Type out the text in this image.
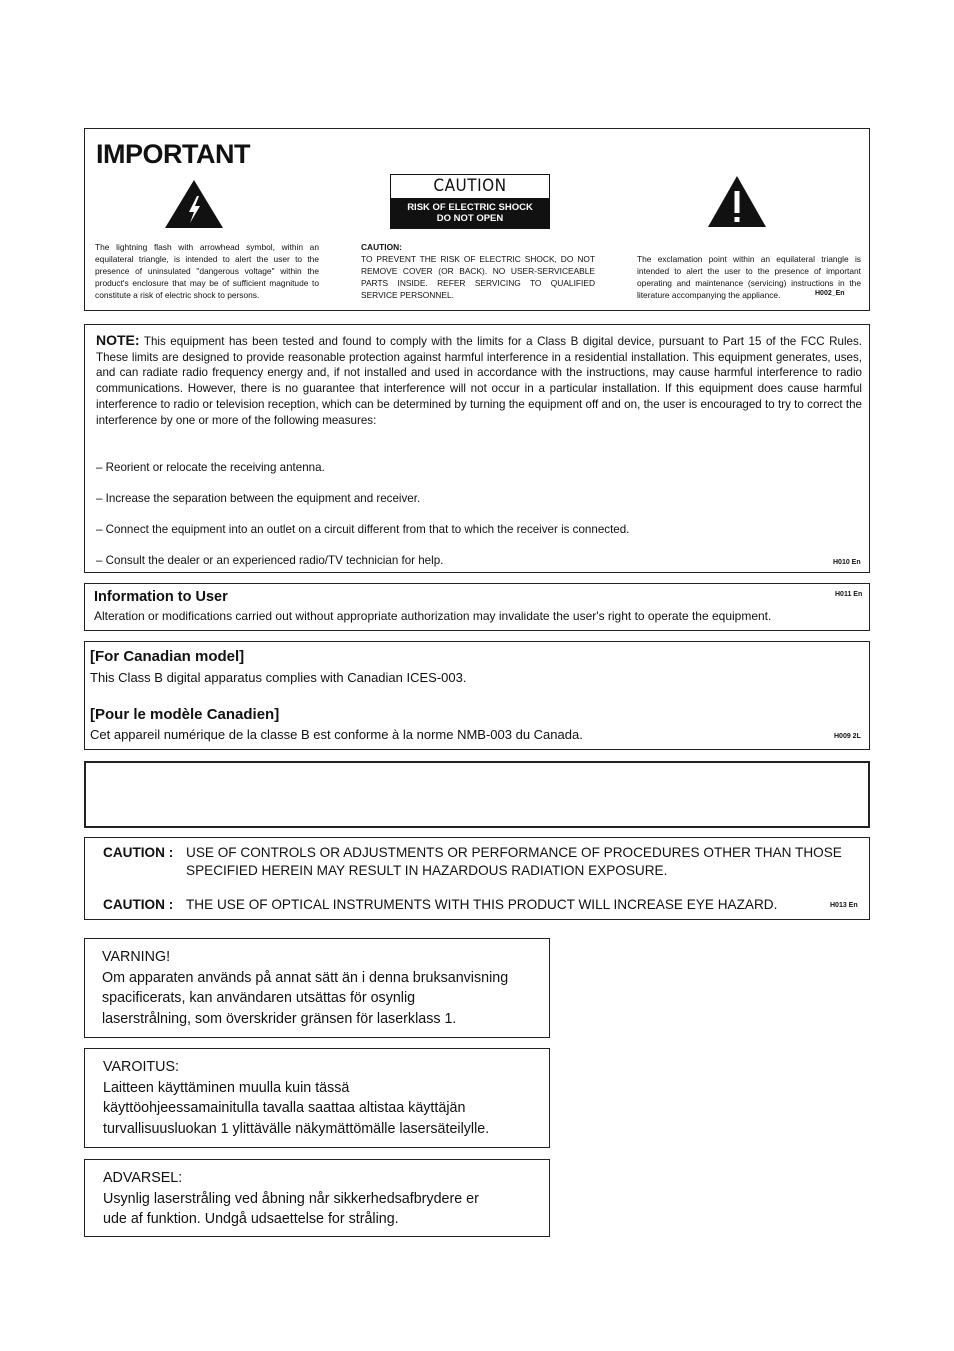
IMPORTANT
The lightning flash with arrowhead symbol, within an equilateral triangle, is intended to alert the user to the presence of uninsulated "dangerous voltage" within the product's enclosure that may be of sufficient magnitude to constitute a risk of electric shock to persons.
CAUTION
RISK OF ELECTRIC SHOCK
DO NOT OPEN
CAUTION:
TO PREVENT THE RISK OF ELECTRIC SHOCK, DO NOT REMOVE COVER (OR BACK). NO USER-SERVICEABLE PARTS INSIDE. REFER SERVICING TO QUALIFIED SERVICE PERSONNEL.
The exclamation point within an equilateral triangle is intended to alert the user to the presence of important operating and maintenance (servicing) instructions in the literature accompanying the appliance.	H002_En
NOTE: This equipment has been tested and found to comply with the limits for a Class B digital device, pursuant to Part 15 of the FCC Rules. These limits are designed to provide reasonable protection against harmful interference in a residential installation. This equipment generates, uses, and can radiate radio frequency energy and, if not installed and used in accordance with the instructions, may cause harmful interference to radio communications. However, there is no guarantee that interference will not occur in a particular installation. If this equipment does cause harmful interference to radio or television reception, which can be determined by turning the equipment off and on, the user is encouraged to try to correct the interference by one or more of the following measures:
– Reorient or relocate the receiving antenna.
– Increase the separation between the equipment and receiver.
– Connect the equipment into an outlet on a circuit different from that to which the receiver is connected.
– Consult the dealer or an experienced radio/TV technician for help.	H010 En
Information to User
Alteration or modifications carried out without appropriate authorization may invalidate the user's right to operate the equipment.
H011 En
[For Canadian model]
This Class B digital apparatus complies with Canadian ICES-003.
[Pour le modèle Canadien]
Cet appareil numérique de la classe B est conforme à la norme NMB-003 du Canada.	H009 2L
CAUTION : USE OF CONTROLS OR ADJUSTMENTS OR PERFORMANCE OF PROCEDURES OTHER THAN THOSE
SPECIFIED HEREIN MAY RESULT IN HAZARDOUS RADIATION EXPOSURE.
CAUTION : THE USE OF OPTICAL INSTRUMENTS WITH THIS PRODUCT WILL INCREASE EYE HAZARD.	H013 En
VARNING!
Om apparaten används på annat sätt än i denna bruksanvisning
spacificerats, kan användaren utsättas för osynlig
laserstrålning, som överskrider gränsen för laserklass 1.
VAROITUS:
Laitteen käyttäminen muulla kuin tässä
käyttöohjeessamainitulla tavalla saattaa altistaa käyttäjän
turvallisuusluokan 1 ylittävälle näkymättömälle lasersäteilylle.
ADVARSEL:
Usynlig laserstråling ved åbning når sikkerhedsafbrydere er
ude af funktion. Undgå udsaettelse for stråling.
